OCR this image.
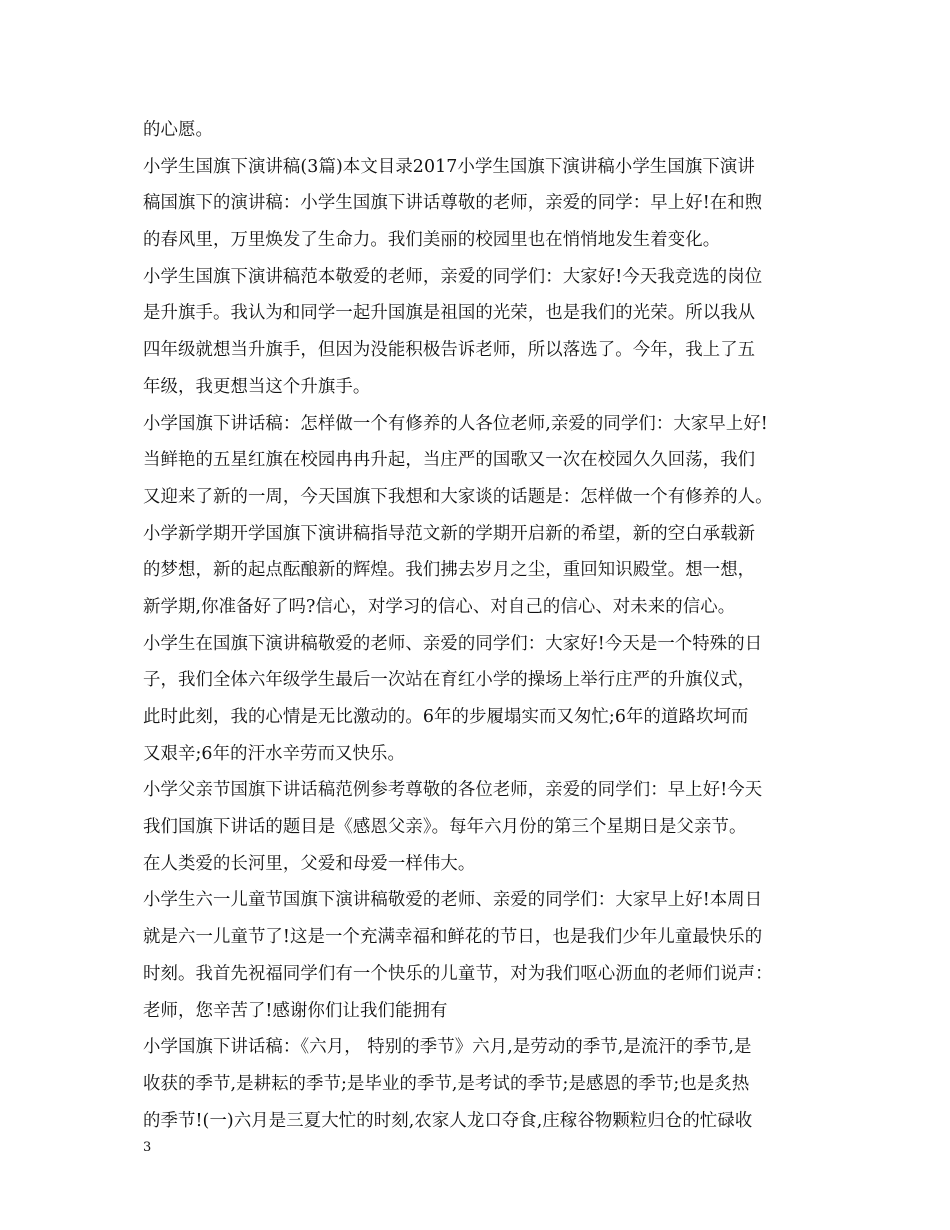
的心愿。
小学生国旗下演讲稿(3篇)本文目录2017小学生国旗下演讲稿小学生国旗下演讲
稿国旗下的演讲稿：小学生国旗下讲话尊敬的老师，亲爱的同学：早上好!在和煦
的春风里，万里焕发了生命力。我们美丽的校园里也在悄悄地发生着变化。
小学生国旗下演讲稿范本敬爱的老师，亲爱的同学们：大家好!今天我竞选的岗位
是升旗手。我认为和同学一起升国旗是祖国的光荣，也是我们的光荣。所以我从
四年级就想当升旗手，但因为没能积极告诉老师，所以落选了。今年，我上了五
年级，我更想当这个升旗手。
小学国旗下讲话稿：怎样做一个有修养的人各位老师,亲爱的同学们：大家早上好!
当鲜艳的五星红旗在校园冉冉升起，当庄严的国歌又一次在校园久久回荡，我们
又迎来了新的一周，今天国旗下我想和大家谈的话题是：怎样做一个有修养的人。
小学新学期开学国旗下演讲稿指导范文新的学期开启新的希望，新的空白承载新
的梦想，新的起点酝酿新的辉煌。我们拂去岁月之尘，重回知识殿堂。想一想，
新学期,你准备好了吗?信心，对学习的信心、对自己的信心、对未来的信心。
小学生在国旗下演讲稿敬爱的老师、亲爱的同学们：大家好!今天是一个特殊的日
子，我们全体六年级学生最后一次站在育红小学的操场上举行庄严的升旗仪式，
此时此刻，我的心情是无比激动的。6年的步履塌实而又匆忙;6年的道路坎坷而
又艰辛;6年的汗水辛劳而又快乐。
小学父亲节国旗下讲话稿范例参考尊敬的各位老师，亲爱的同学们：早上好!今天
我们国旗下讲话的题目是《感恩父亲》。每年六月份的第三个星期日是父亲节。
在人类爱的长河里，父爱和母爱一样伟大。
小学生六一儿童节国旗下演讲稿敬爱的老师、亲爱的同学们：大家早上好!本周日
就是六一儿童节了!这是一个充满幸福和鲜花的节日，也是我们少年儿童最快乐的
时刻。我首先祝福同学们有一个快乐的儿童节，对为我们呕心沥血的老师们说声：
老师，您辛苦了!感谢你们让我们能拥有
小学国旗下讲话稿：《六月， 特别的季节》六月,是劳动的季节,是流汗的季节,是
收获的季节,是耕耘的季节;是毕业的季节,是考试的季节;是感恩的季节;也是炙热
的季节!(一)六月是三夏大忙的时刻,农家人龙口夺食,庄稼谷物颗粒归仓的忙碌收
3
